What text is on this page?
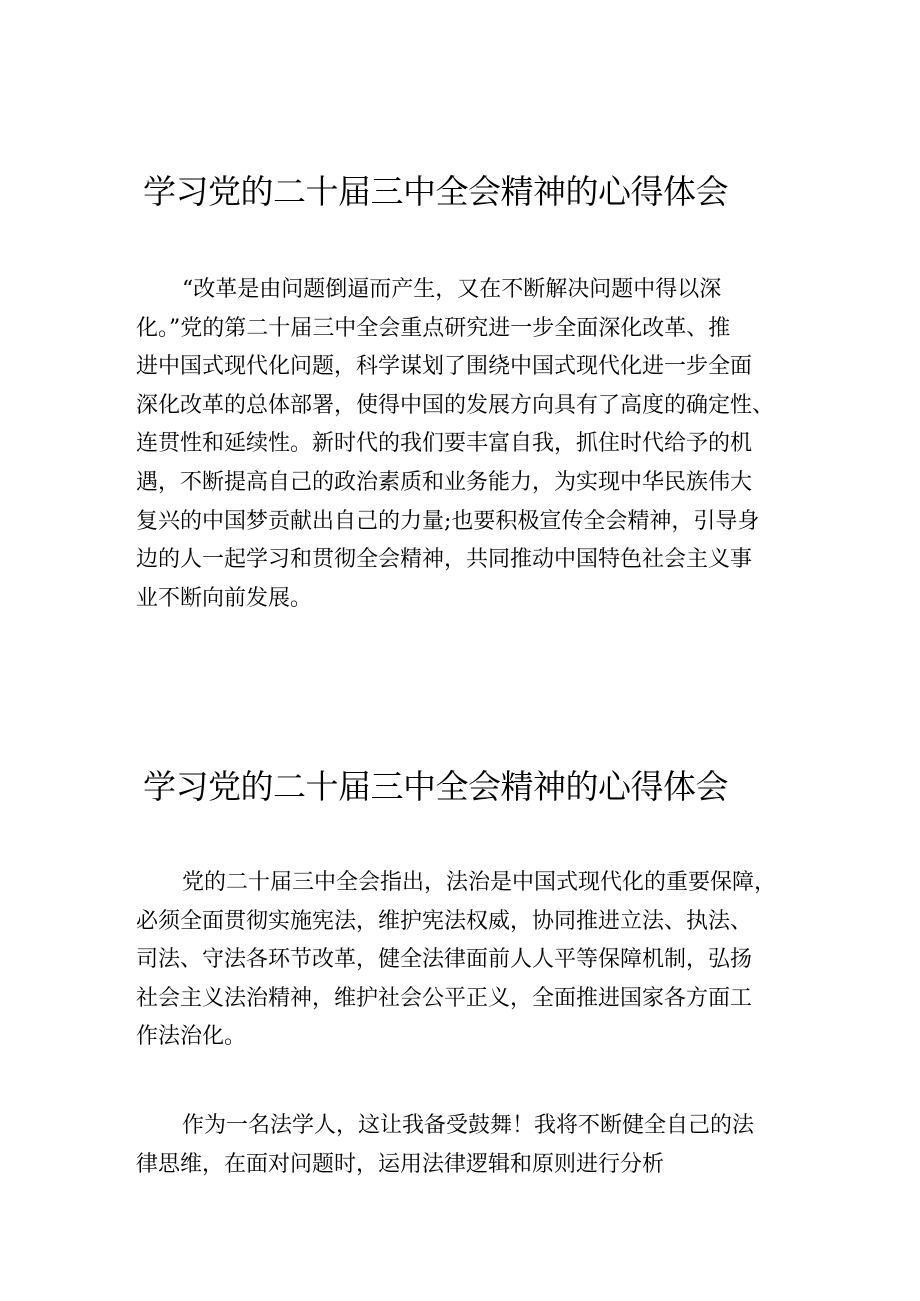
学习党的二十届三中全会精神的心得体会
“改革是由问题倒逼而产生，又在不断解决问题中得以深
化。”党的第二十届三中全会重点研究进一步全面深化改革、推
进中国式现代化问题，科学谋划了围绕中国式现代化进一步全面
深化改革的总体部署，使得中国的发展方向具有了高度的确定性、
连贯性和延续性。新时代的我们要丰富自我，抓住时代给予的机
遇，不断提高自己的政治素质和业务能力，为实现中华民族伟大
复兴的中国梦贡献出自己的力量;也要积极宣传全会精神，引导身
边的人一起学习和贯彻全会精神，共同推动中国特色社会主义事
业不断向前发展。
学习党的二十届三中全会精神的心得体会
党的二十届三中全会指出，法治是中国式现代化的重要保障，
必须全面贯彻实施宪法，维护宪法权威，协同推进立法、执法、
司法、守法各环节改革，健全法律面前人人平等保障机制，弘扬
社会主义法治精神，维护社会公平正义，全面推进国家各方面工
作法治化。
作为一名法学人，这让我备受鼓舞！我将不断健全自己的法
律思维，在面对问题时，运用法律逻辑和原则进行分析
